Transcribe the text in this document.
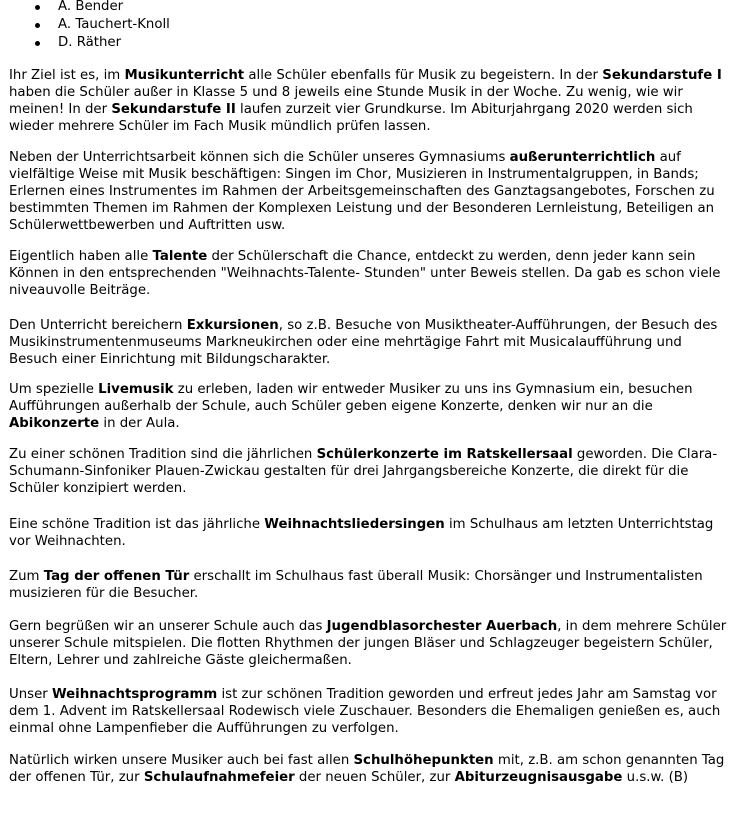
A. Bender
A. Tauchert-Knoll
D. Räther

Ihr Ziel ist es, im Musikunterricht alle Schüler ebenfalls für Musik zu begeistern. In der Sekundarstufe I haben die Schüler außer in Klasse 5 und 8 jeweils eine Stunde Musik in der Woche. Zu wenig, wie wir meinen! In der Sekundarstufe II laufen zurzeit vier Grundkurse. Im Abiturjahrgang 2020 werden sich wieder mehrere Schüler im Fach Musik mündlich prüfen lassen.

Neben der Unterrichtsarbeit können sich die Schüler unseres Gymnasiums außerunterrichtlich auf vielfältige Weise mit Musik beschäftigen: Singen im Chor, Musizieren in Instrumentalgruppen, in Bands; Erlernen eines Instrumentes im Rahmen der Arbeitsgemeinschaften des Ganztagsangebotes, Forschen zu bestimmten Themen im Rahmen der Komplexen Leistung und der Besonderen Lernleistung, Beteiligen an Schülerwettbewerben und Auftritten usw.

Eigentlich haben alle Talente der Schülerschaft die Chance, entdeckt zu werden, denn jeder kann sein Können in den entsprechenden "Weihnachts-Talente- Stunden" unter Beweis stellen. Da gab es schon viele niveauvolle Beiträge.

Den Unterricht bereichern Exkursionen, so z.B. Besuche von Musiktheater-Aufführungen, der Besuch des Musikinstrumentenmuseums Markneukirchen oder eine mehrtägige Fahrt mit Musicalaufführung und Besuch einer Einrichtung mit Bildungscharakter.

Um spezielle Livemusik zu erleben, laden wir entweder Musiker zu uns ins Gymnasium ein, besuchen Aufführungen außerhalb der Schule, auch Schüler geben eigene Konzerte, denken wir nur an die Abikonzerte in der Aula.

Zu einer schönen Tradition sind die jährlichen Schülerkonzerte im Ratskellersaal geworden. Die Clara-Schumann-Sinfoniker Plauen-Zwickau gestalten für drei Jahrgangsbereiche Konzerte, die direkt für die Schüler konzipiert werden.

Eine schöne Tradition ist das jährliche Weihnachtsliedersingen im Schulhaus am letzten Unterrichtstag vor Weihnachten.

Zum Tag der offenen Tür erschallt im Schulhaus fast überall Musik: Chorsänger und Instrumentalisten musizieren für die Besucher.

Gern begrüßen wir an unserer Schule auch das Jugendblasorchester Auerbach, in dem mehrere Schüler unserer Schule mitspielen. Die flotten Rhythmen der jungen Bläser und Schlagzeuger begeistern Schüler, Eltern, Lehrer und zahlreiche Gäste gleichermaßen.

Unser Weihnachtsprogramm ist zur schönen Tradition geworden und erfreut jedes Jahr am Samstag vor dem 1. Advent im Ratskellersaal Rodewisch viele Zuschauer. Besonders die Ehemaligen genießen es, auch einmal ohne Lampenfieber die Aufführungen zu verfolgen.

Natürlich wirken unsere Musiker auch bei fast allen Schulhöhepunkten mit, z.B. am schon genannten Tag der offenen Tür, zur Schulaufnahmefeier der neuen Schüler, zur Abiturzeugnisausgabe u.s.w. (B)
